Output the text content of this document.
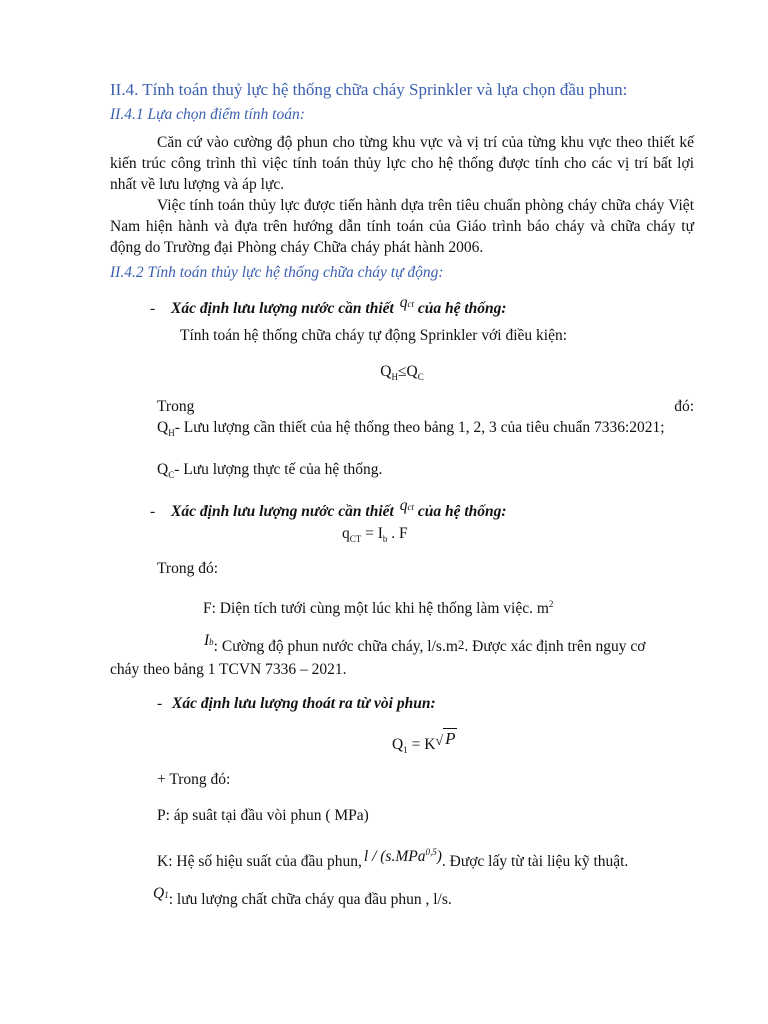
II.4. Tính toán thuỷ lực hệ thống chữa cháy Sprinkler và lựa chọn đầu phun:
II.4.1 Lựa chọn điểm tính toán:
Căn cứ vào cường độ phun cho từng khu vực và vị trí của từng khu vực theo thiết kế kiến trúc công trình thì việc tính toán thủy lực cho hệ thống được tính cho các vị trí bất lợi nhất về lưu lượng và áp lực.
Việc tính toán thủy lực được tiến hành dựa trên tiêu chuẩn phòng cháy chữa cháy Việt Nam hiện hành và đựa trên hướng dẫn tính toán của Giáo trình báo cháy và chữa cháy tự động do Trường đại Phòng cháy Chữa cháy phát hành 2006.
II.4.2 Tính toán thủy lực hệ thống chữa cháy tự động:
- Xác định lưu lượng nước cần thiết qct của hệ thống:
Tính toán hệ thống chữa cháy tự động Sprinkler với điều kiện:
$Q_H\le Q_C$
Trong	đó:
$Q_H-$ Lưu lượng cần thiết của hệ thống theo bảng 1, 2, 3 của tiêu chuẩn 7336:2021;
$Q_C-$ Lưu lượng thực tế của hệ thống.
- Xác định lưu lượng nước cần thiết qct của hệ thống:
$q_{CT} = I_b$ . F
Trong đó:
F: Diện tích tưới cùng một lúc khi hệ thống làm việc. $m^2$
Ib: Cường độ phun nước chữa cháy, l/s.m2. Được xác định trên nguy cơ
cháy theo bảng 1 TCVN 7336 – 2021.
- Xác định lưu lượng thoát ra từ vòi phun:
$Q_1 = K√$ P
+ Trong đó:
P: áp suât tại đầu vòi phun ( MPa)
K: Hệ số hiệu suất của đầu phun, l / (s.MPa$^{0,5}$). Được lấy từ tài liệu kỹ thuật.
Q1: lưu lượng chất chữa cháy qua đầu phun , l/s.
